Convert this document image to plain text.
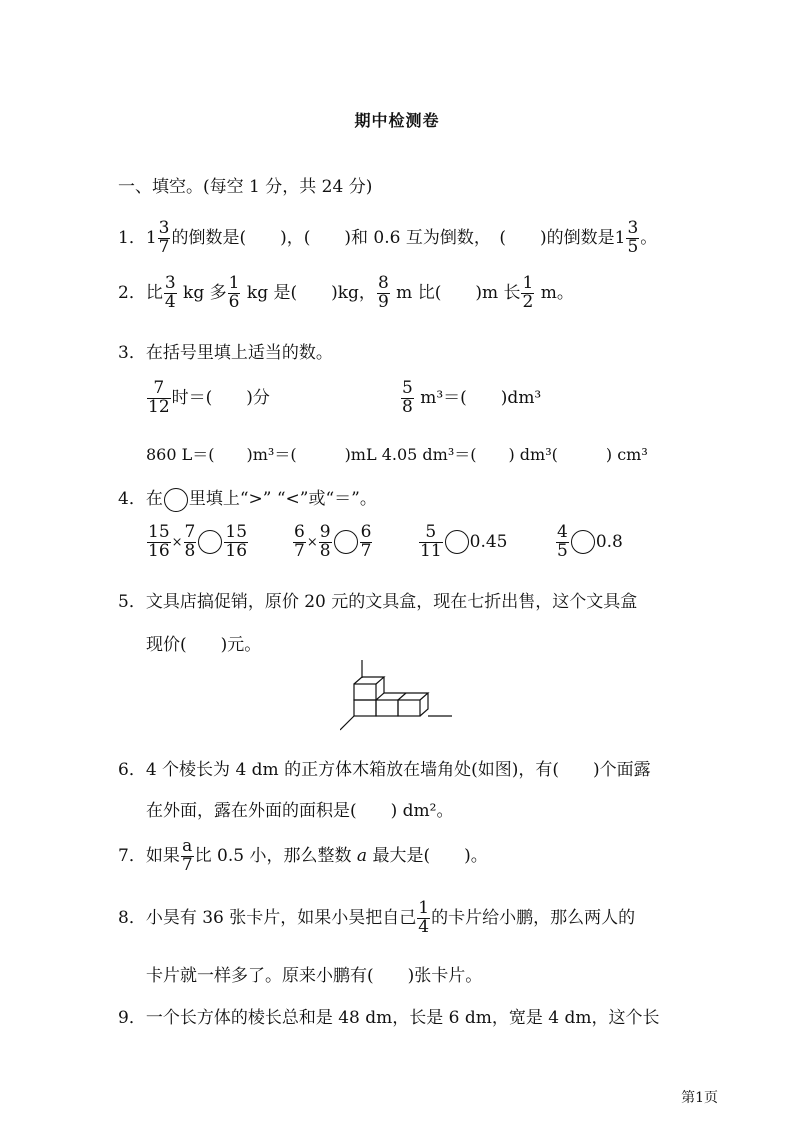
期中检测卷
一、填空。(每空 1 分，共 24 分)
1．$1 \frac{3}{7}$ 的倒数是(　　)，(　　)和 0.6 互为倒数，　(　　)的倒数是$1 \frac{3}{5}$ 。
2．比 $\frac{3}{4}$ kg 多 $\frac{1}{6}$ kg 是(　　)kg， $\frac{8}{9}$ m 比(　　)m 长 $\frac{1}{2}$ m。
3．在括号里填上适当的数。
$\frac{7}{12}$ 时＝(　　)分	$\frac{5}{8} m^3=$(　　)dm³
860 L＝(　　)m³＝(　　　)mL 4.05 dm³＝(　　) dm³(　　　) cm³
4．在 里填上“>” “<”或“＝”。
$\frac{15}{16} \times \frac{7}{8} \frac{15}{16}$	$\frac{6}{7} \times \frac{9}{8} \frac{6}{7}$	$\frac{5}{11} 0.45$	$\frac{4}{5} 0.8$
5．文具店搞促销，原价 20 元的文具盒，现在七折出售，这个文具盒
现价(　　)元。
6．4 个棱长为 4 dm 的正方体木箱放在墙角处(如图)，有(　　)个面露
在外面，露在外面的面积是(　　) dm²。
7．如果 $\frac{a}{7}$ 比 0.5 小，那么整数 a 最大是(　　)。
8．小昊有 36 张卡片，如果小昊把自己 $\frac{1}{4}$ 的卡片给小鹏，那么两人的
卡片就一样多了。原来小鹏有(　　)张卡片。
9．一个长方体的棱长总和是 48 dm，长是 6 dm，宽是 4 dm，这个长
第1页
